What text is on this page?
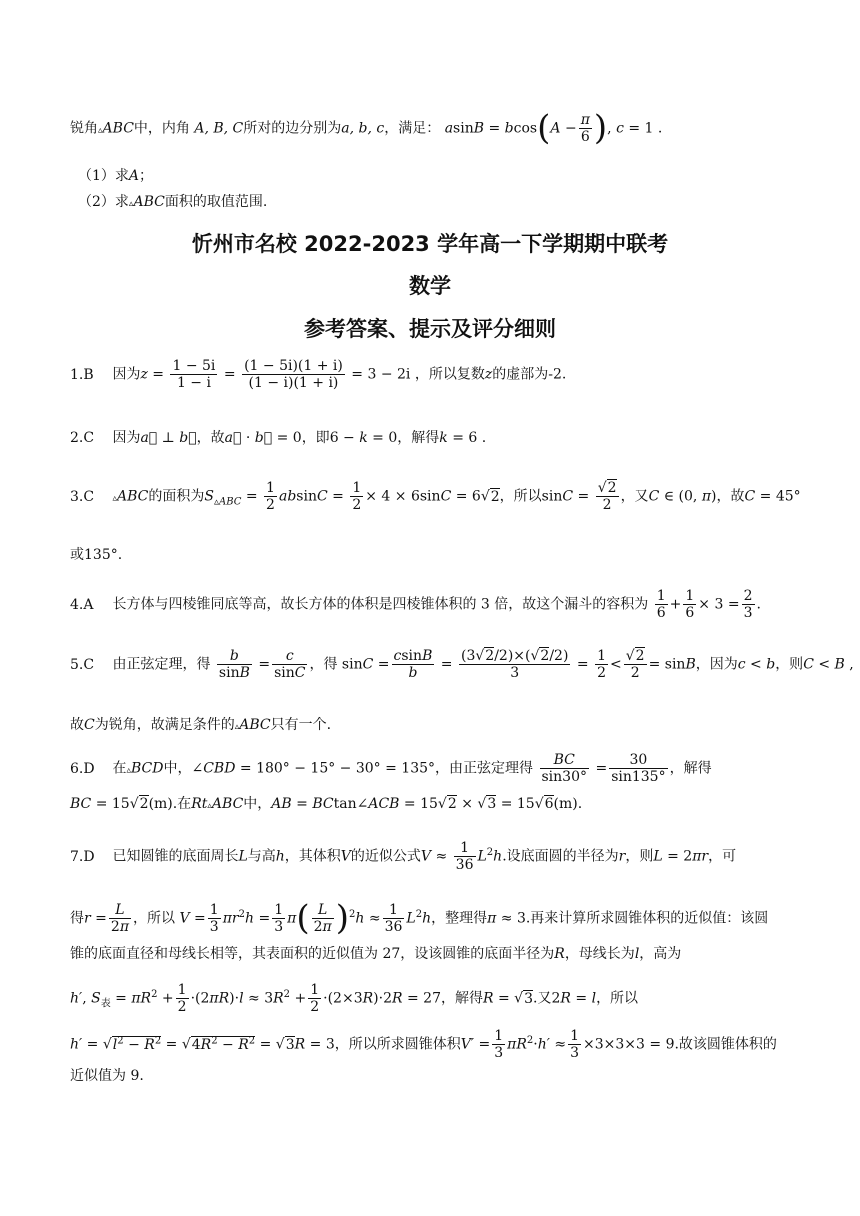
锐角▵ABC中，内角 A, B, C所对的边分别为a, b, c，满足： $asinB = bcos(A - \frac{\pi}{6}$ ), c = 1 .
（1）求A；
（2）求▵ABC面积的取值范围.
忻州市名校 2022-2023 学年高一下学期期中联考
数学
参考答案、提示及评分细则
1.B 因为$z = \frac{1 - 5i}{1 - i} = \frac{(1 - 5i)(1 + i)}{(1 - i)(1 + i)} = 3 - 2i$ ，所以复数z的虚部为-2.
2.C 因为a⃗ ⊥ b⃗，故a⃗ · b⃗ = 0，即6 − k = 0，解得k = 6 .
3.C ▵ABC的面积为$S_{▵ABC} = \frac{1}{2}$ $absinC = \frac{1}{2} \times 4 \times 6\sin C = 6√2$，所以$\sin C = \frac{√2}{2}$ ，又C ∈ (0, π)，故C = 45°
或135°.
4.A 长方体与四棱锥同底等高，故长方体的体积是四棱锥体积的 3 倍，故这个漏斗的容积为 $\frac{1}{6} + \frac{1}{6} \times 3 = \frac{2}{3}$ .
5.C 由正弦定理，得 $\frac{b}{\sin B} = \frac{c}{\sin C}$ ，得 $\sin C = \frac{csinB}{b} = \frac{(3√2/2)\times(√2/2)}{3} = \frac{1}{2} < \frac{√2}{2} = \sin B$，因为c < b，则C < B ,
故C为锐角，故满足条件的▵ABC只有一个.
6.D 在▵BCD中，∠CBD = 180° − 15° − 30° = 135°，由正弦定理得 $\frac{BC}{\sin 30^\circ} = \frac{30}{\sin 135^\circ}$ ，解得
BC = 15√2(m).在Rt▵ABC中，AB = BCtan∠ACB = 15√2 × √3 = 15√6(m).
7.D 已知圆锥的底面周长L与高h，其体积V的近似公式$V \approx \frac{1}{36} L^2h$.设底面圆的半径为r，则L = 2πr，可
得$r = \frac{L}{2\pi}$ ，所以 $V = \frac{1}{3} \pi r^2h = \frac{1}{3} \pi( \frac{L}{2\pi} )^2h \approx \frac{1}{36} L^2h$，整理得π ≈ 3.再来计算所求圆锥体积的近似值：该圆
锥的底面直径和母线长相等，其表面积的近似值为 27，设该圆锥的底面半径为R，母线长为l，高为
h′, $S_表 = \pi R^2 + \frac{1}{2} \cdot(2\pi R)\cdot l \approx 3R^2 + \frac{1}{2} \cdot(2\times 3R)\cdot 2R = 27$，解得R = √3.又2R = l，所以
$h' = √l^2 - R^2 = √4R^2 - R^2 = √3R = 3$，所以所求圆锥体积$V' = \frac{1}{3} \pi R^2\cdot h' \approx \frac{1}{3} \times 3\times 3\times 3 = 9$.故该圆锥体积的
近似值为 9.
